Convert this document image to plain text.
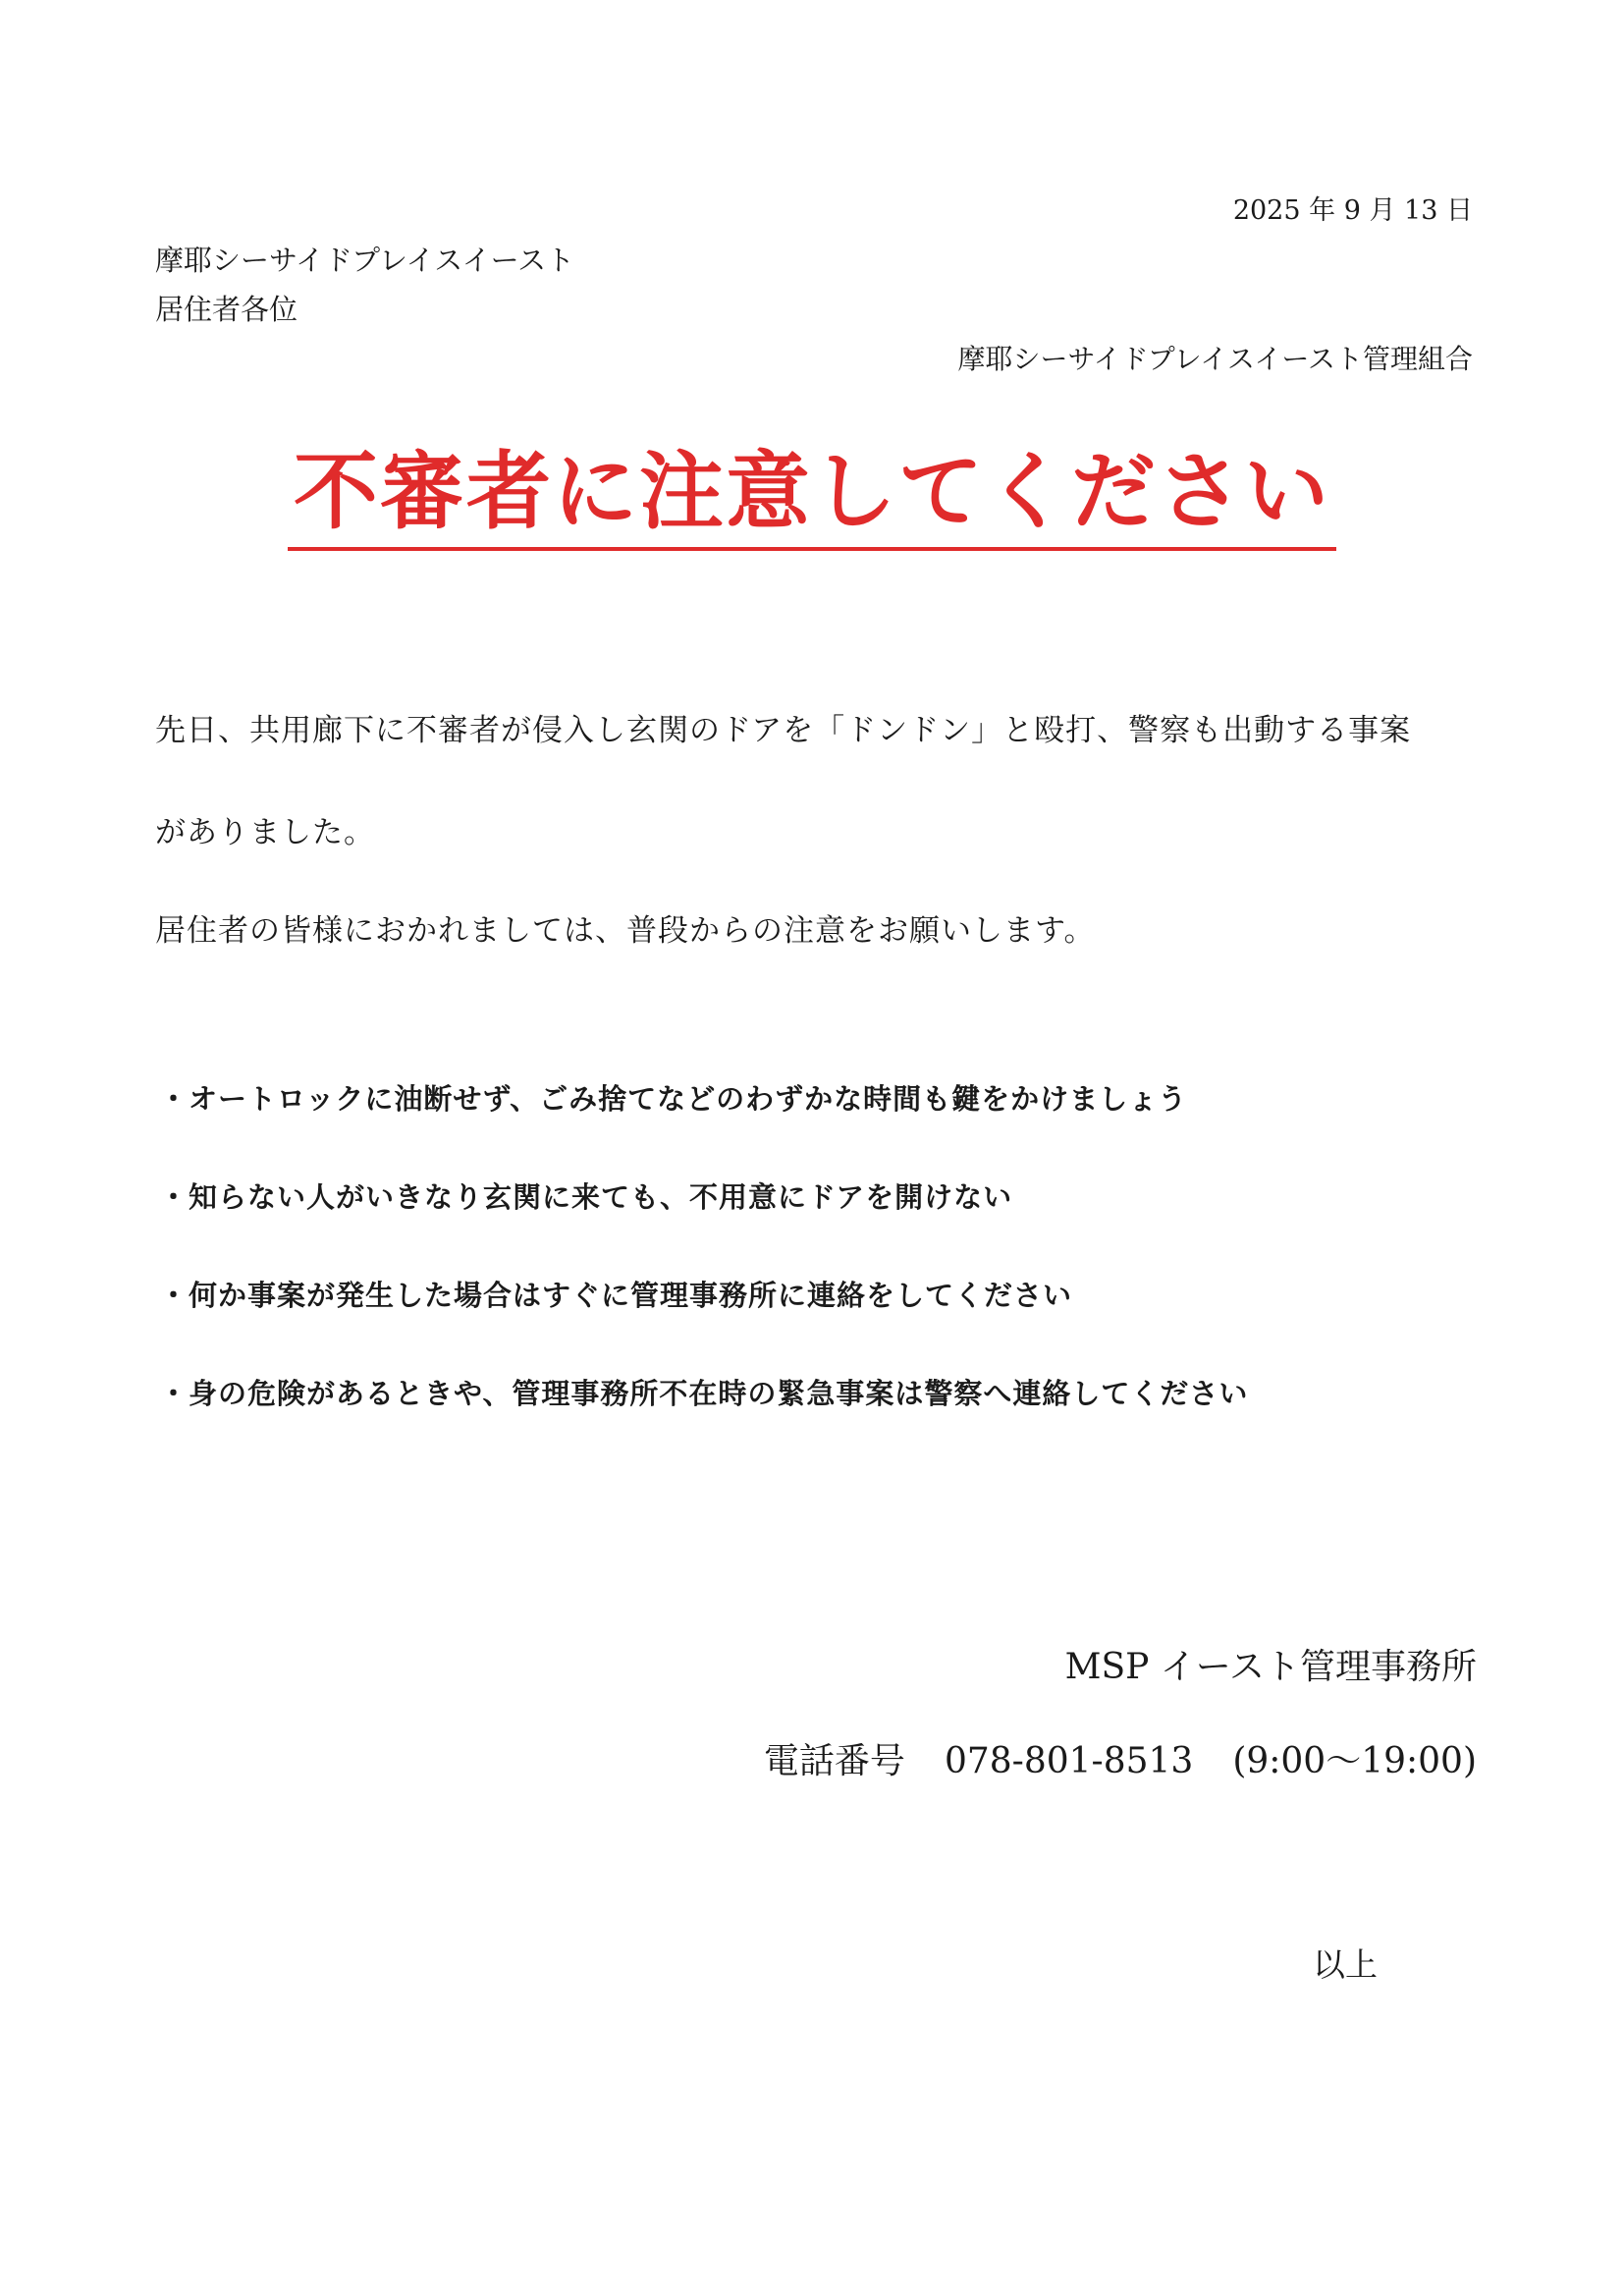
2025 年 9 月 13 日
摩耶シーサイドプレイスイースト
居住者各位
摩耶シーサイドプレイスイースト管理組合
不審者に注意してください
先日、共用廊下に不審者が侵入し玄関のドアを「ドンドン」と殴打、警察も出動する事案
がありました。
居住者の皆様におかれましては、普段からの注意をお願いします。
・オートロックに油断せず、ごみ捨てなどのわずかな時間も鍵をかけましょう
・知らない人がいきなり玄関に来ても、不用意にドアを開けない
・何か事案が発生した場合はすぐに管理事務所に連絡をしてください
・身の危険があるときや、管理事務所不在時の緊急事案は警察へ連絡してください
MSP イースト管理事務所
電話番号 078-801-8513 (9:00～19:00)
以上
